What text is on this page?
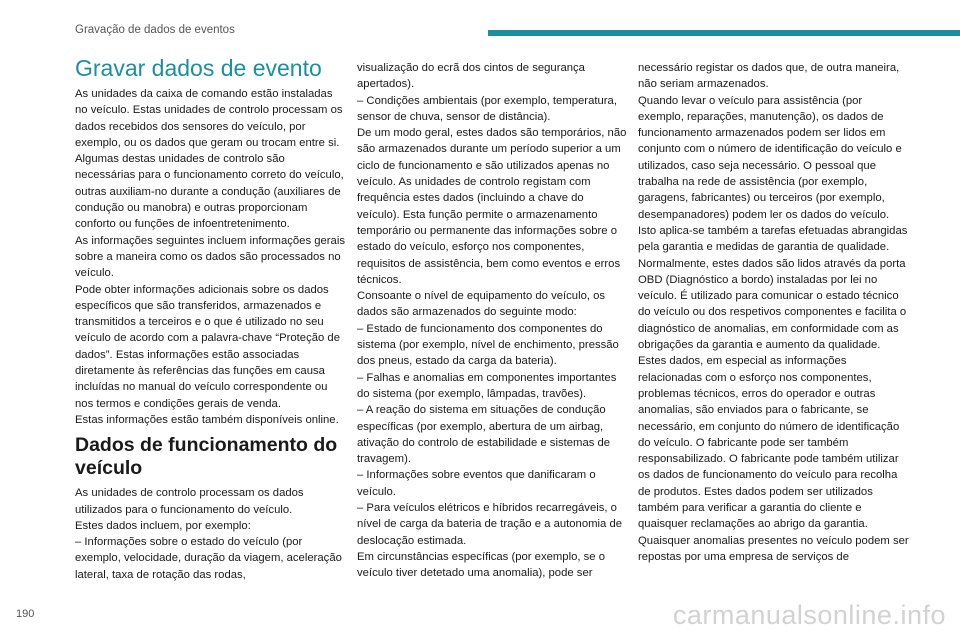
Gravação de dados de eventos
Gravar dados de evento

As unidades da caixa de comando estão instaladas no veículo. Estas unidades de controlo processam os dados recebidos dos sensores do veículo, por exemplo, ou os dados que geram ou trocam entre si. Algumas destas unidades de controlo são necessárias para o funcionamento correto do veículo, outras auxiliam-no durante a condução (auxiliares de condução ou manobra) e outras proporcionam conforto ou funções de infoentretenimento.

As informações seguintes incluem informações gerais sobre a maneira como os dados são processados no veículo.

Pode obter informações adicionais sobre os dados específicos que são transferidos, armazenados e transmitidos a terceiros e o que é utilizado no seu veículo de acordo com a palavra-chave “Proteção de dados”. Estas informações estão associadas diretamente às referências das funções em causa incluídas no manual do veículo correspondente ou nos termos e condições gerais de venda.

Estas informações estão também disponíveis online.

Dados de funcionamento do veículo

As unidades de controlo processam os dados utilizados para o funcionamento do veículo.

Estes dados incluem, por exemplo:

– Informações sobre o estado do veículo (por exemplo, velocidade, duração da viagem, aceleração lateral, taxa de rotação das rodas,

visualização do ecrã dos cintos de segurança apertados).

– Condições ambientais (por exemplo, temperatura, sensor de chuva, sensor de distância).

De um modo geral, estes dados são temporários, não são armazenados durante um período superior a um ciclo de funcionamento e são utilizados apenas no veículo. As unidades de controlo registam com frequência estes dados (incluindo a chave do veículo). Esta função permite o armazenamento temporário ou permanente das informações sobre o estado do veículo, esforço nos componentes, requisitos de assistência, bem como eventos e erros técnicos.

Consoante o nível de equipamento do veículo, os dados são armazenados do seguinte modo:

– Estado de funcionamento dos componentes do sistema (por exemplo, nível de enchimento, pressão dos pneus, estado da carga da bateria).

– Falhas e anomalias em componentes importantes do sistema (por exemplo, lâmpadas, travões).

– A reação do sistema em situações de condução específicas (por exemplo, abertura de um airbag, ativação do controlo de estabilidade e sistemas de travagem).

– Informações sobre eventos que danificaram o veículo.

– Para veículos elétricos e híbridos recarregáveis, o nível de carga da bateria de tração e a autonomia de deslocação estimada.

Em circunstâncias específicas (por exemplo, se o veículo tiver detetado uma anomalia), pode ser

necessário registar os dados que, de outra maneira, não seriam armazenados.

Quando levar o veículo para assistência (por exemplo, reparações, manutenção), os dados de funcionamento armazenados podem ser lidos em conjunto com o número de identificação do veículo e utilizados, caso seja necessário. O pessoal que trabalha na rede de assistência (por exemplo, garagens, fabricantes) ou terceiros (por exemplo, desempanadores) podem ler os dados do veículo. Isto aplica-se também a tarefas efetuadas abrangidas pela garantia e medidas de garantia de qualidade.

Normalmente, estes dados são lidos através da porta OBD (Diagnóstico a bordo) instaladas por lei no veículo. É utilizado para comunicar o estado técnico do veículo ou dos respetivos componentes e facilita o diagnóstico de anomalias, em conformidade com as obrigações da garantia e aumento da qualidade. Estes dados, em especial as informações relacionadas com o esforço nos componentes, problemas técnicos, erros do operador e outras anomalias, são enviados para o fabricante, se necessário, em conjunto do número de identificação do veículo. O fabricante pode ser também responsabilizado. O fabricante pode também utilizar os dados de funcionamento do veículo para recolha de produtos. Estes dados podem ser utilizados também para verificar a garantia do cliente e quaisquer reclamações ao abrigo da garantia.

Quaisquer anomalias presentes no veículo podem ser repostas por uma empresa de serviços de

190	carmanualsonline.info
